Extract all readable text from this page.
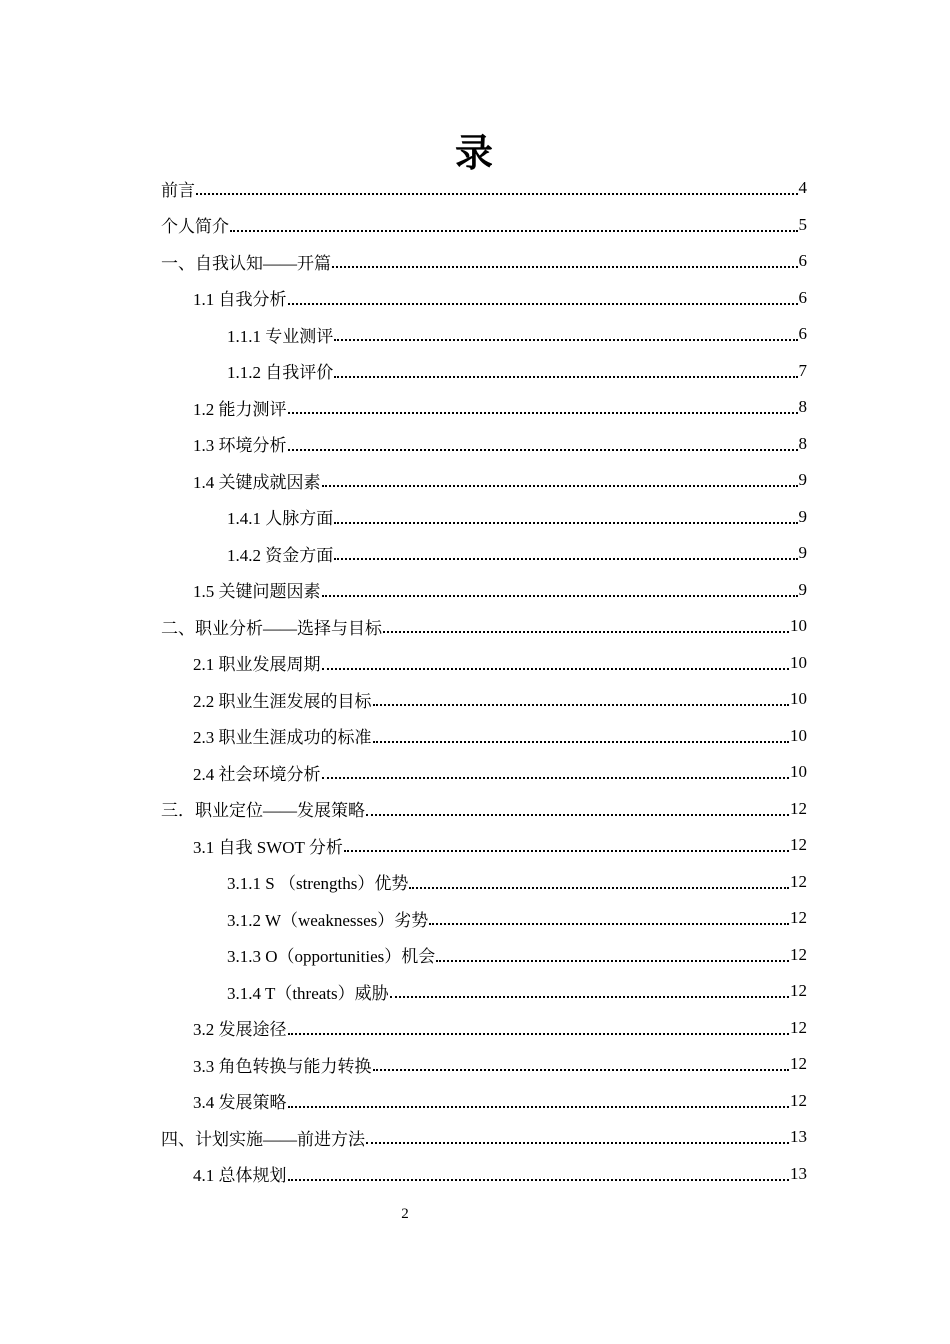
录
前言	4
个人简介	5
一、自我认知——开篇	6
1.1 自我分析	6
1.1.1 专业测评	6
1.1.2 自我评价	7
1.2 能力测评	8
1.3 环境分析	8
1.4 关键成就因素	9
1.4.1 人脉方面	9
1.4.2 资金方面	9
1.5 关键问题因素	9
二、职业分析——选择与目标	10
2.1 职业发展周期	10
2.2 职业生涯发展的目标	10
2.3 职业生涯成功的标准	10
2.4 社会环境分析	10
三．职业定位——发展策略	12
3.1 自我 SWOT 分析	12
3.1.1 S （strengths）优势	12
3.1.2 W（weaknesses）劣势	12
3.1.3 O（opportunities）机会	12
3.1.4 T（threats）威胁	12
3.2 发展途径	12
3.3 角色转换与能力转换	12
3.4 发展策略	12
四、计划实施——前进方法	13
4.1 总体规划	13
2
